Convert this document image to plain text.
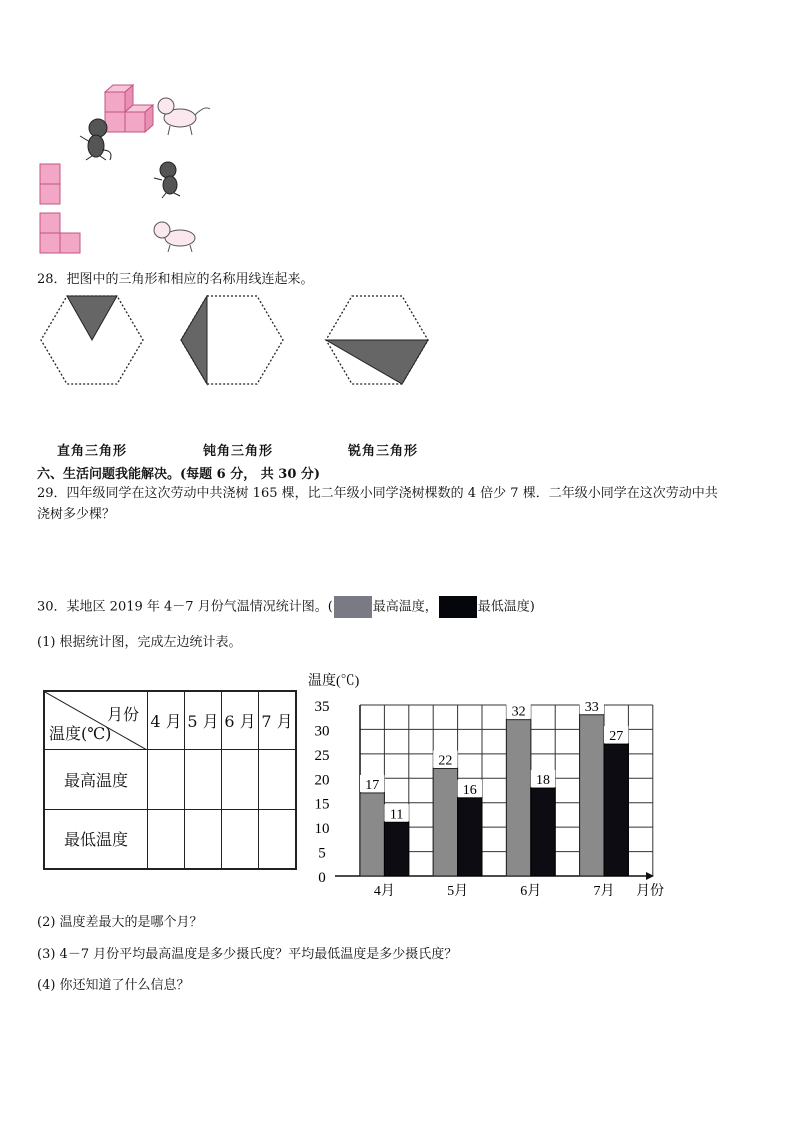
28．把图中的三角形和相应的名称用线连起来。
直角三角形	钝角三角形	锐角三角形
六、生活问题我能解决。(每题 6 分， 共 30 分)
29．四年级同学在这次劳动中共浇树 165 棵，比二年级小同学浇树棵数的 4 倍少 7 棵．二年级小同学在这次劳动中共
浇树多少棵？
30．某地区 2019 年 4－7 月份气温情况统计图。(	最高温度，	最低温度)
(1) 根据统计图，完成左边统计表。
月份
温度(℃)	4 月	5 月	6 月	7 月
最高温度				
最低温度				
0
5
10
15
20
25
30
35
温度(℃)
17
11
4月
22
16
5月
32
18
6月
33
27
7月 月份
(2) 温度差最大的是哪个月？
(3) 4－7 月份平均最高温度是多少摄氏度？平均最低温度是多少摄氏度？
(4) 你还知道了什么信息？
